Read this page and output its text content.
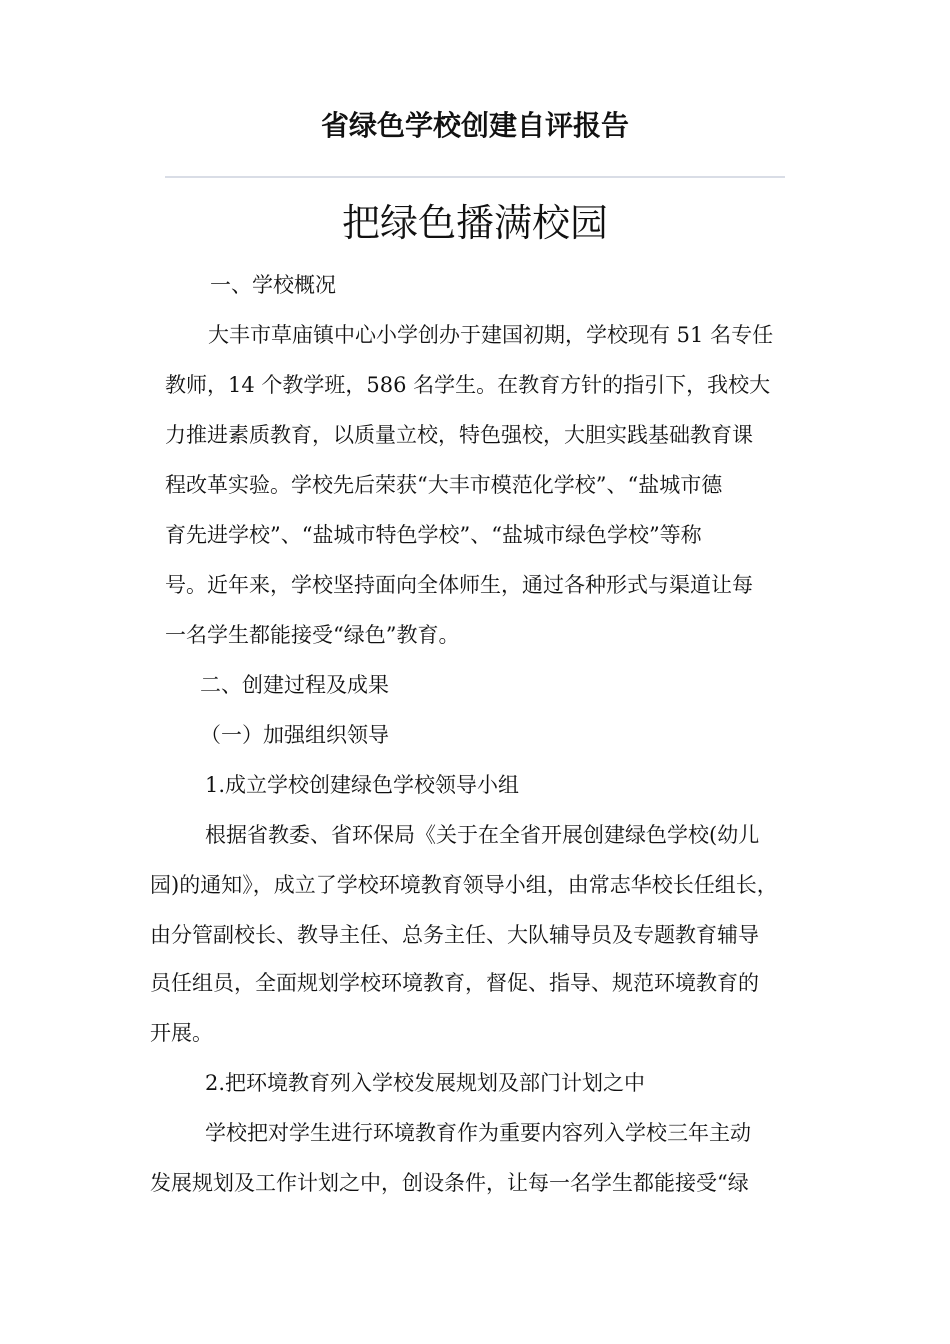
省绿色学校创建自评报告
把绿色播满校园
一、学校概况
大丰市草庙镇中心小学创办于建国初期，学校现有 51 名专任
教师，14 个教学班，586 名学生。在教育方针的指引下，我校大
力推进素质教育，以质量立校，特色强校，大胆实践基础教育课
程改革实验。学校先后荣获“大丰市模范化学校”、“盐城市德
育先进学校”、“盐城市特色学校”、“盐城市绿色学校”等称
号。近年来，学校坚持面向全体师生，通过各种形式与渠道让每
一名学生都能接受“绿色”教育。
二、创建过程及成果
（一）加强组织领导
1.成立学校创建绿色学校领导小组
根据省教委、省环保局《关于在全省开展创建绿色学校(幼儿
园)的通知》，成立了学校环境教育领导小组，由常志华校长任组长，
由分管副校长、教导主任、总务主任、大队辅导员及专题教育辅导
员任组员，全面规划学校环境教育，督促、指导、规范环境教育的
开展。
2.把环境教育列入学校发展规划及部门计划之中
学校把对学生进行环境教育作为重要内容列入学校三年主动
发展规划及工作计划之中，创设条件，让每一名学生都能接受“绿
